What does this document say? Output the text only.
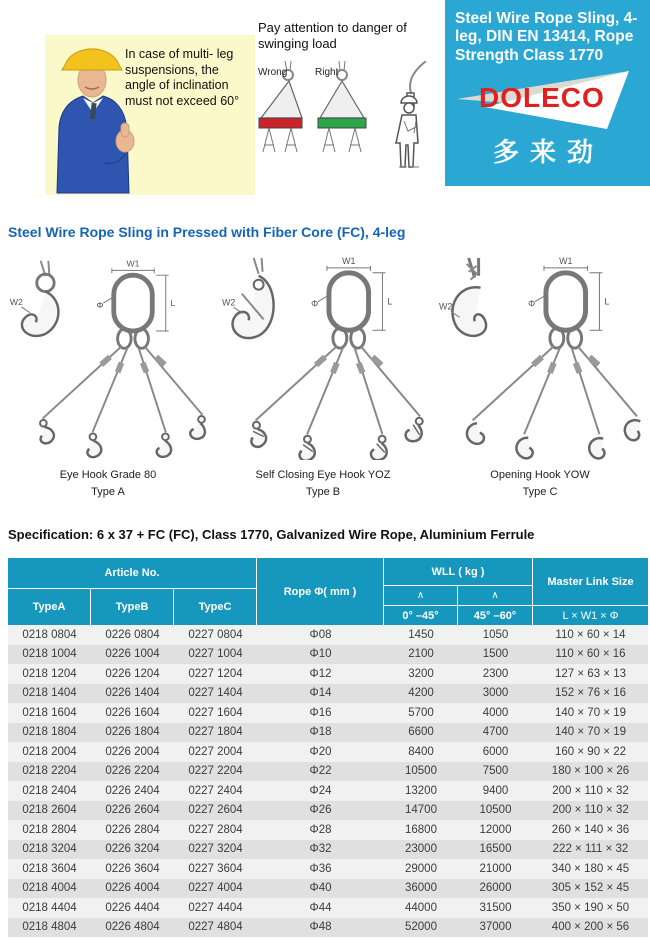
In case of multi- leg suspensions, the angle of inclination must not exceed 60°
Pay attention to danger of swinging load
Wrong	Right
Steel Wire Rope Sling, 4-leg, DIN EN 13414, Rope Strength Class 1770
DOLECO
多来劲
Steel Wire Rope Sling in Pressed with Fiber Core (FC), 4-leg
W2
W1
L
Φ
Eye Hook Grade 80
Type A
W2
W1
L
Φ
Self Closing Eye Hook YOZ
Type B
W2
W1
L
Φ
Opening Hook YOW
Type C
Specification: 6 x 37 + FC (FC), Class 1770, Galvanized Wire Rope, Aluminium Ferrule
Article No.
TypeA	TypeB	TypeC
Rope Φ( mm )
WLL ( kg )
∧	∧
0° –45°	45° –60°
Master Link Size
L × W1 × Φ
0218 0804	0226 0804	0227 0804	Φ08	1450	1050	110 × 60 × 14
0218 1004	0226 1004	0227 1004	Φ10	2100	1500	110 × 60 × 16
0218 1204	0226 1204	0227 1204	Φ12	3200	2300	127 × 63 × 13
0218 1404	0226 1404	0227 1404	Φ14	4200	3000	152 × 76 × 16
0218 1604	0226 1604	0227 1604	Φ16	5700	4000	140 × 70 × 19
0218 1804	0226 1804	0227 1804	Φ18	6600	4700	140 × 70 × 19
0218 2004	0226 2004	0227 2004	Φ20	8400	6000	160 × 90 × 22
0218 2204	0226 2204	0227 2204	Φ22	10500	7500	180 × 100 × 26
0218 2404	0226 2404	0227 2404	Φ24	13200	9400	200 × 110 × 32
0218 2604	0226 2604	0227 2604	Φ26	14700	10500	200 × 110 × 32
0218 2804	0226 2804	0227 2804	Φ28	16800	12000	260 × 140 × 36
0218 3204	0226 3204	0227 3204	Φ32	23000	16500	222 × 111 × 32
0218 3604	0226 3604	0227 3604	Φ36	29000	21000	340 × 180 × 45
0218 4004	0226 4004	0227 4004	Φ40	36000	26000	305 × 152 × 45
0218 4404	0226 4404	0227 4404	Φ44	44000	31500	350 × 190 × 50
0218 4804	0226 4804	0227 4804	Φ48	52000	37000	400 × 200 × 56
